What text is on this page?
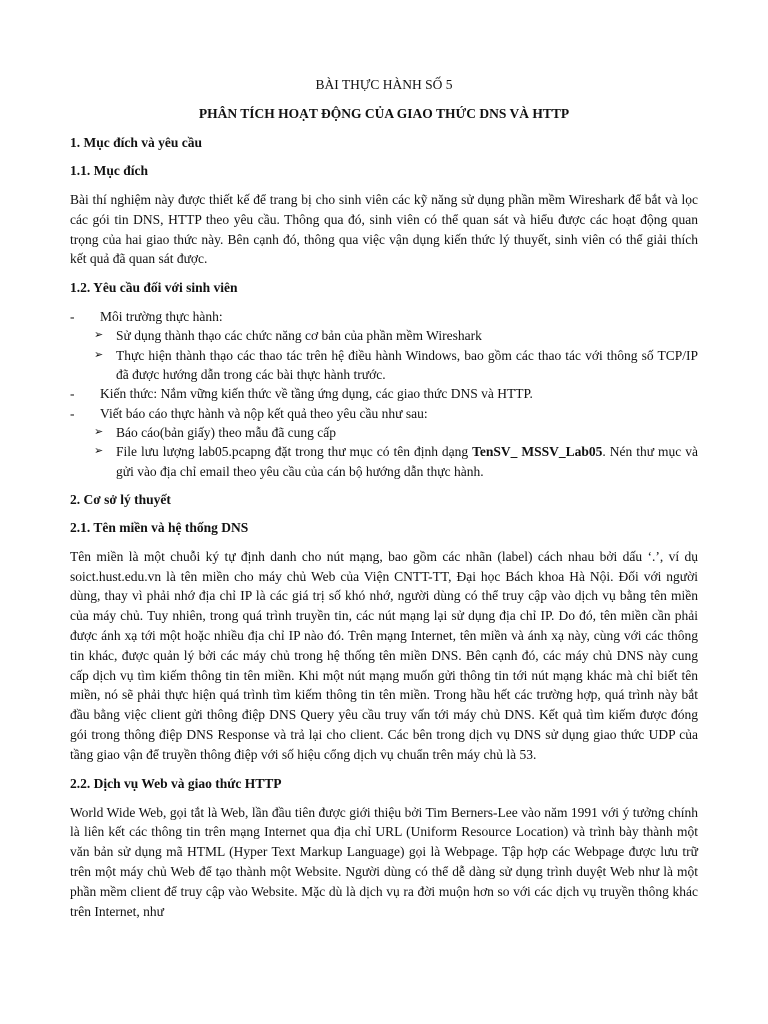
BÀI THỰC HÀNH SỐ 5

PHÂN TÍCH HOẠT ĐỘNG CỦA GIAO THỨC DNS VÀ HTTP

1. Mục đích và yêu cầu

1.1. Mục đích

Bài thí nghiệm này được thiết kế để trang bị cho sinh viên các kỹ năng sử dụng phần mềm Wireshark để bắt và lọc các gói tin DNS, HTTP theo yêu cầu. Thông qua đó, sinh viên có thể quan sát và hiểu được các hoạt động quan trọng của hai giao thức này. Bên cạnh đó, thông qua việc vận dụng kiến thức lý thuyết, sinh viên có thể giải thích kết quả đã quan sát được.

1.2. Yêu cầu đối với sinh viên

- Môi trường thực hành:
➢ Sử dụng thành thạo các chức năng cơ bản của phần mềm Wireshark
➢ Thực hiện thành thạo các thao tác trên hệ điều hành Windows, bao gồm các thao tác với thông số TCP/IP đã được hướng dẫn trong các bài thực hành trước.
- Kiến thức: Nắm vững kiến thức về tầng ứng dụng, các giao thức DNS và HTTP.
- Viết báo cáo thực hành và nộp kết quả theo yêu cầu như sau:
➢ Báo cáo(bản giấy) theo mẫu đã cung cấp
➢ File lưu lượng lab05.pcapng đặt trong thư mục có tên định dạng TenSV_ MSSV_Lab05. Nén thư mục và gửi vào địa chỉ email theo yêu cầu của cán bộ hướng dẫn thực hành.

2. Cơ sở lý thuyết

2.1. Tên miền và hệ thống DNS

Tên miền là một chuỗi ký tự định danh cho nút mạng, bao gồm các nhãn (label) cách nhau bởi dấu ‘.’, ví dụ soict.hust.edu.vn là tên miền cho máy chủ Web của Viện CNTT-TT, Đại học Bách khoa Hà Nội. Đối với người dùng, thay vì phải nhớ địa chỉ IP là các giá trị số khó nhớ, người dùng có thể truy cập vào dịch vụ bằng tên miền của máy chủ. Tuy nhiên, trong quá trình truyền tin, các nút mạng lại sử dụng địa chỉ IP. Do đó, tên miền cần phải được ánh xạ tới một hoặc nhiều địa chỉ IP nào đó. Trên mạng Internet, tên miền và ánh xạ này, cùng với các thông tin khác, được quản lý bởi các máy chủ trong hệ thống tên miền DNS. Bên cạnh đó, các máy chủ DNS này cung cấp dịch vụ tìm kiếm thông tin tên miền. Khi một nút mạng muốn gửi thông tin tới nút mạng khác mà chỉ biết tên miền, nó sẽ phải thực hiện quá trình tìm kiếm thông tin tên miền. Trong hầu hết các trường hợp, quá trình này bắt đầu bằng việc client gửi thông điệp DNS Query yêu cầu truy vấn tới máy chủ DNS. Kết quả tìm kiếm được đóng gói trong thông điệp DNS Response và trả lại cho client. Các bên trong dịch vụ DNS sử dụng giao thức UDP của tầng giao vận để truyền thông điệp với số hiệu cổng dịch vụ chuẩn trên máy chủ là 53.

2.2. Dịch vụ Web và giao thức HTTP

World Wide Web, gọi tắt là Web, lần đầu tiên được giới thiệu bởi Tim Berners-Lee vào năm 1991 với ý tưởng chính là liên kết các thông tin trên mạng Internet qua địa chỉ URL (Uniform Resource Location) và trình bày thành một văn bản sử dụng mã HTML (Hyper Text Markup Language) gọi là Webpage. Tập hợp các Webpage được lưu trữ trên một máy chủ Web để tạo thành một Website. Người dùng có thể dễ dàng sử dụng trình duyệt Web như là một phần mềm client để truy cập vào Website. Mặc dù là dịch vụ ra đời muộn hơn so với các dịch vụ truyền thông khác trên Internet, như
